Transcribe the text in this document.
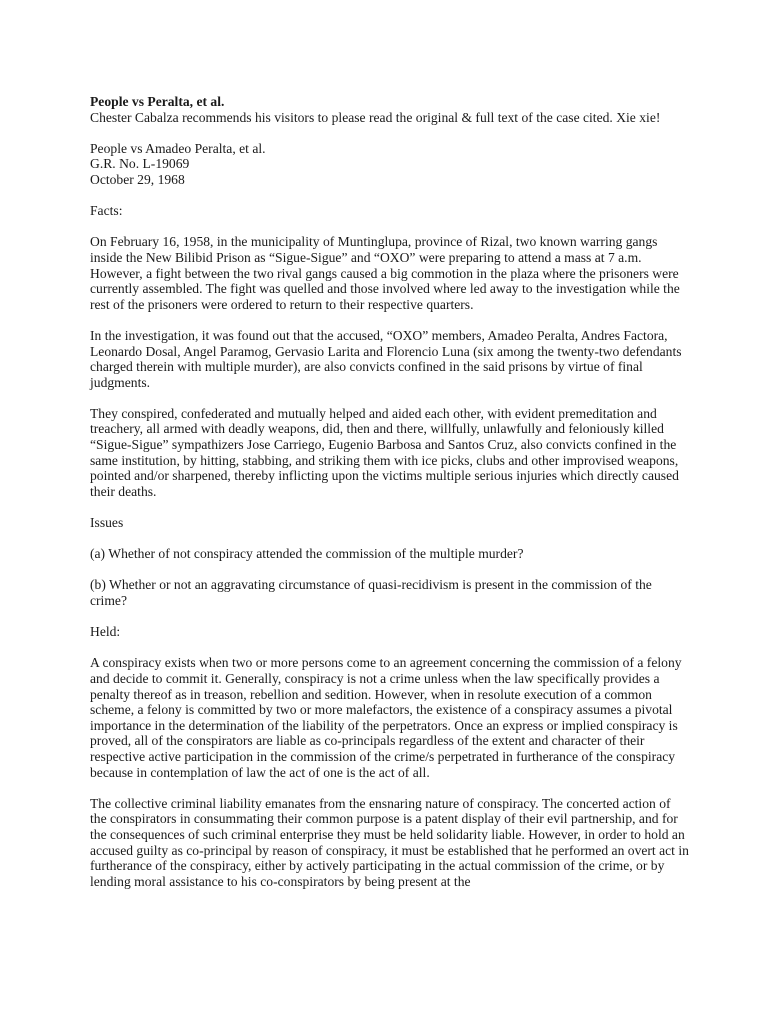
People vs Peralta, et al.

Chester Cabalza recommends his visitors to please read the original & full text of the case cited. Xie xie!

People vs Amadeo Peralta, et al.

G.R. No. L-19069

October 29, 1968

Facts:

On February 16, 1958, in the municipality of Muntinglupa, province of Rizal, two known warring gangs inside the New Bilibid Prison as “Sigue-Sigue” and “OXO” were preparing to attend a mass at 7 a.m. However, a fight between the two rival gangs caused a big commotion in the plaza where the prisoners were currently assembled. The fight was quelled and those involved where led away to the investigation while the rest of the prisoners were ordered to return to their respective quarters.

In the investigation, it was found out that the accused, “OXO” members, Amadeo Peralta, Andres Factora, Leonardo Dosal, Angel Paramog, Gervasio Larita and Florencio Luna (six among the twenty-two defendants charged therein with multiple murder), are also convicts confined in the said prisons by virtue of final judgments.

They conspired, confederated and mutually helped and aided each other, with evident premeditation and treachery, all armed with deadly weapons, did, then and there, willfully, unlawfully and feloniously killed “Sigue-Sigue” sympathizers Jose Carriego, Eugenio Barbosa and Santos Cruz, also convicts confined in the same institution, by hitting, stabbing, and striking them with ice picks, clubs and other improvised weapons, pointed and/or sharpened, thereby inflicting upon the victims multiple serious injuries which directly caused their deaths.

Issues

(a) Whether of not conspiracy attended the commission of the multiple murder?

(b) Whether or not an aggravating circumstance of quasi-recidivism is present in the commission of the crime?

Held:

A conspiracy exists when two or more persons come to an agreement concerning the commission of a felony and decide to commit it. Generally, conspiracy is not a crime unless when the law specifically provides a penalty thereof as in treason, rebellion and sedition. However, when in resolute execution of a common scheme, a felony is committed by two or more malefactors, the existence of a conspiracy assumes a pivotal importance in the determination of the liability of the perpetrators. Once an express or implied conspiracy is proved, all of the conspirators are liable as co-principals regardless of the extent and character of their respective active participation in the commission of the crime/s perpetrated in furtherance of the conspiracy because in contemplation of law the act of one is the act of all.

The collective criminal liability emanates from the ensnaring nature of conspiracy. The concerted action of the conspirators in consummating their common purpose is a patent display of their evil partnership, and for the consequences of such criminal enterprise they must be held solidarity liable. However, in order to hold an accused guilty as co-principal by reason of conspiracy, it must be established that he performed an overt act in furtherance of the conspiracy, either by actively participating in the actual commission of the crime, or by lending moral assistance to his co-conspirators by being present at the
